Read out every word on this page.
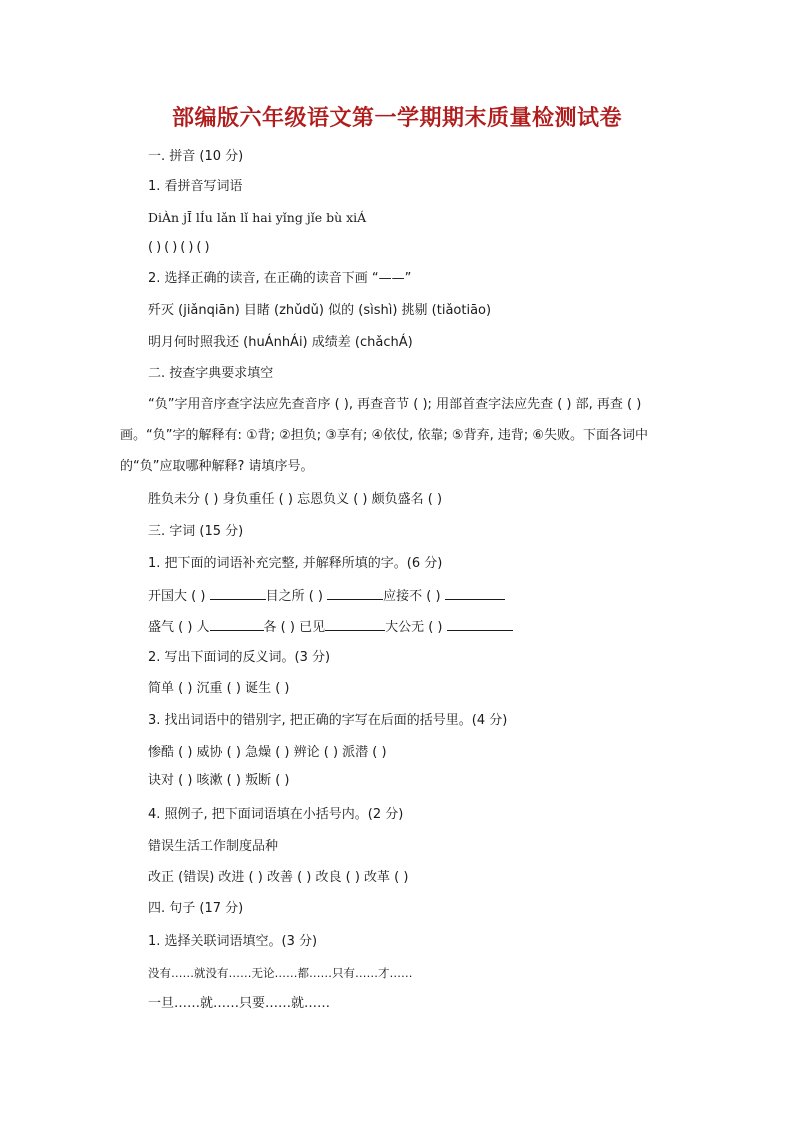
部编版六年级语文第一学期期末质量检测试卷
一. 拼音 (10 分)
1. 看拼音写词语
DiÀn jĪ lÍu lǎn lǐ hai yǐng jǐe bù xiÁ
()()()()
2. 选择正确的读音, 在正确的读音下画 “——”
歼灭 (jiǎnqiān) 目睹 (zhǔdǔ) 似的 (sìshì) 挑剔 (tiǎotiāo)
明月何时照我还 (huÁnhÁi) 成绩差 (chǎchÁ)
二. 按查字典要求填空
“负”字用音序查字法应先查音序 ( ), 再查音节 ( ); 用部首查字法应先查 ( ) 部, 再查 ( ) 画。“负”字的解释有: ①背; ②担负; ③享有; ④依仗, 依靠; ⑤背弃, 违背; ⑥失败。下面各词中的“负”应取哪种解释? 请填序号。
胜负未分 ( ) 身负重任 ( ) 忘恩负义 ( ) 颇负盛名 ( )
三. 字词 (15 分)
1. 把下面的词语补充完整, 并解释所填的字。(6 分)
开国大 ( )	目之所 ( )	应接不 ( )
盛气 ( ) 人	各 ( ) 已见	大公无 ( )
2. 写出下面词的反义词。(3 分)
简单 ( ) 沉重 ( ) 诞生 ( )
3. 找出词语中的错别字, 把正确的字写在后面的括号里。(4 分)
惨酷 ( ) 威协 ( ) 急燥 ( ) 辨论 ( ) 派潜 ( )
诀对 ( ) 咳漱 ( ) 叛断 ( )
4. 照例子, 把下面词语填在小括号内。(2 分)
错误生活工作制度品种
改正 (错误) 改进 ( ) 改善 ( ) 改良 ( ) 改革 ( )
四. 句子 (17 分)
1. 选择关联词语填空。(3 分)
没有……就没有……无论……都……只有……才……
一旦……就……只要……就……
